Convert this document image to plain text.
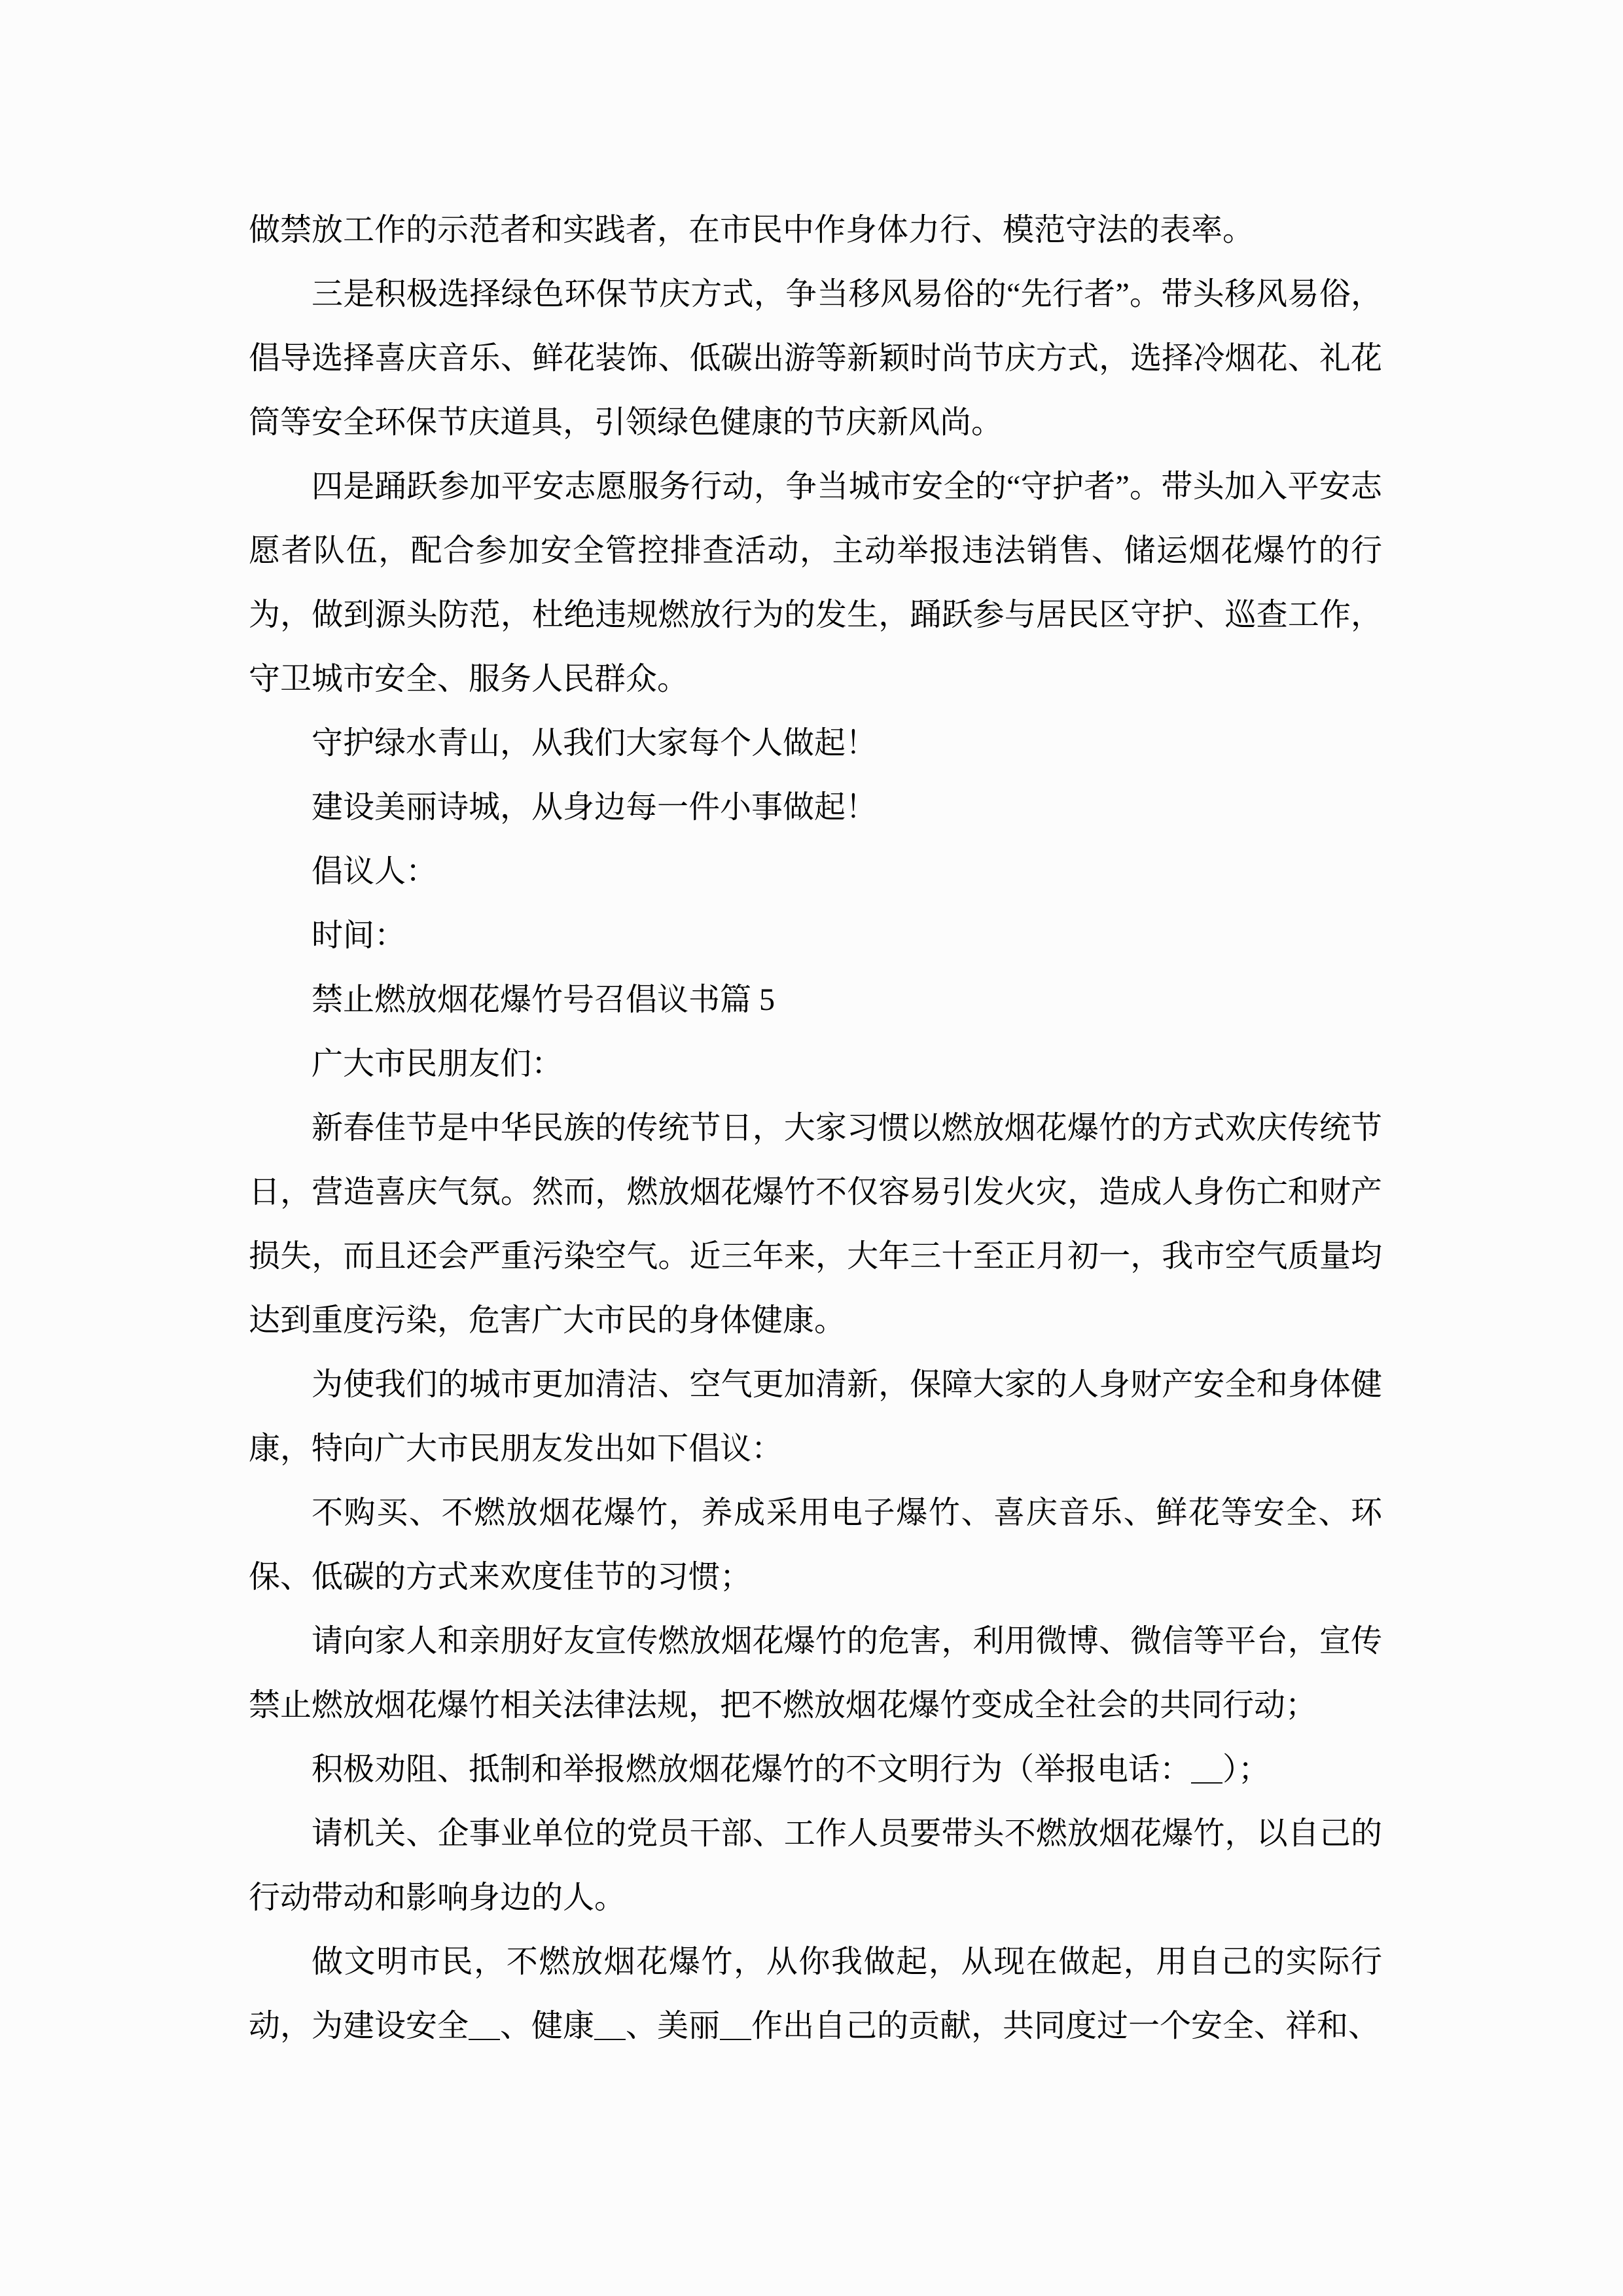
做禁放工作的示范者和实践者，在市民中作身体力行、模范守法的表率。

三是积极选择绿色环保节庆方式，争当移风易俗的“先行者”。带头移风易俗，倡导选择喜庆音乐、鲜花装饰、低碳出游等新颖时尚节庆方式，选择冷烟花、礼花筒等安全环保节庆道具，引领绿色健康的节庆新风尚。

四是踊跃参加平安志愿服务行动，争当城市安全的“守护者”。带头加入平安志愿者队伍，配合参加安全管控排查活动，主动举报违法销售、储运烟花爆竹的行为，做到源头防范，杜绝违规燃放行为的发生，踊跃参与居民区守护、巡查工作，守卫城市安全、服务人民群众。

守护绿水青山，从我们大家每个人做起！

建设美丽诗城，从身边每一件小事做起！

倡议人：

时间：

禁止燃放烟花爆竹号召倡议书篇 5

广大市民朋友们：

新春佳节是中华民族的传统节日，大家习惯以燃放烟花爆竹的方式欢庆传统节日，营造喜庆气氛。然而，燃放烟花爆竹不仅容易引发火灾，造成人身伤亡和财产损失，而且还会严重污染空气。近三年来，大年三十至正月初一，我市空气质量均达到重度污染，危害广大市民的身体健康。

为使我们的城市更加清洁、空气更加清新，保障大家的人身财产安全和身体健康，特向广大市民朋友发出如下倡议：

不购买、不燃放烟花爆竹，养成采用电子爆竹、喜庆音乐、鲜花等安全、环保、低碳的方式来欢度佳节的习惯；

请向家人和亲朋好友宣传燃放烟花爆竹的危害，利用微博、微信等平台，宣传禁止燃放烟花爆竹相关法律法规，把不燃放烟花爆竹变成全社会的共同行动；

积极劝阻、抵制和举报燃放烟花爆竹的不文明行为（举报电话：＿）；

请机关、企事业单位的党员干部、工作人员要带头不燃放烟花爆竹，以自己的行动带动和影响身边的人。

做文明市民，不燃放烟花爆竹，从你我做起，从现在做起，用自己的实际行动，为建设安全＿、健康＿、美丽＿作出自己的贡献，共同度过一个安全、祥和、
